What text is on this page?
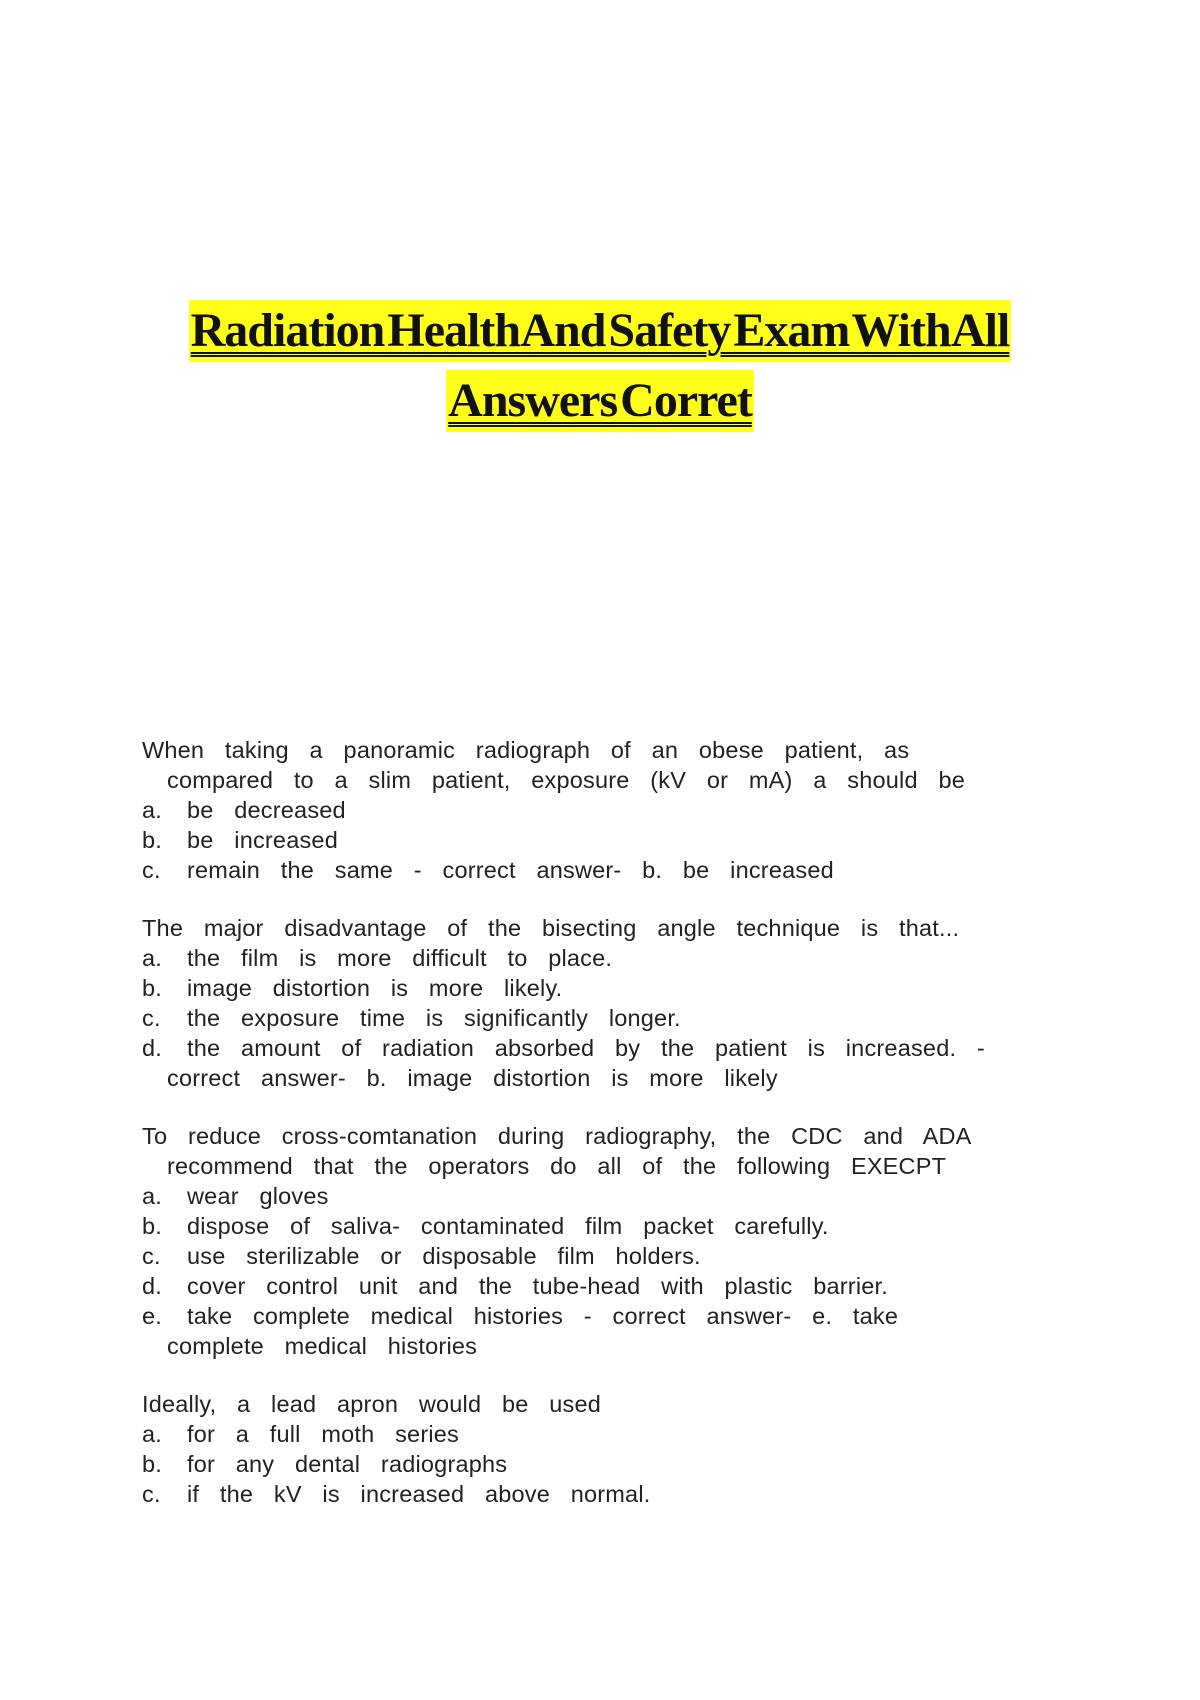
Radiation Health And Safety Exam With All
Answers Corret
When taking a panoramic radiograph of an obese patient, as
compared to a slim patient, exposure (kV or mA) a should be
a. be decreased
b. be increased
c. remain the same - correct answer- b. be increased
The major disadvantage of the bisecting angle technique is that...
a. the film is more difficult to place.
b. image distortion is more likely.
c. the exposure time is significantly longer.
d. the amount of radiation absorbed by the patient is increased. -
correct answer- b. image distortion is more likely
To reduce cross-comtanation during radiography, the CDC and ADA
recommend that the operators do all of the following EXECPT
a. wear gloves
b. dispose of saliva- contaminated film packet carefully.
c. use sterilizable or disposable film holders.
d. cover control unit and the tube-head with plastic barrier.
e. take complete medical histories - correct answer- e. take
complete medical histories
Ideally, a lead apron would be used
a. for a full moth series
b. for any dental radiographs
c. if the kV is increased above normal.
